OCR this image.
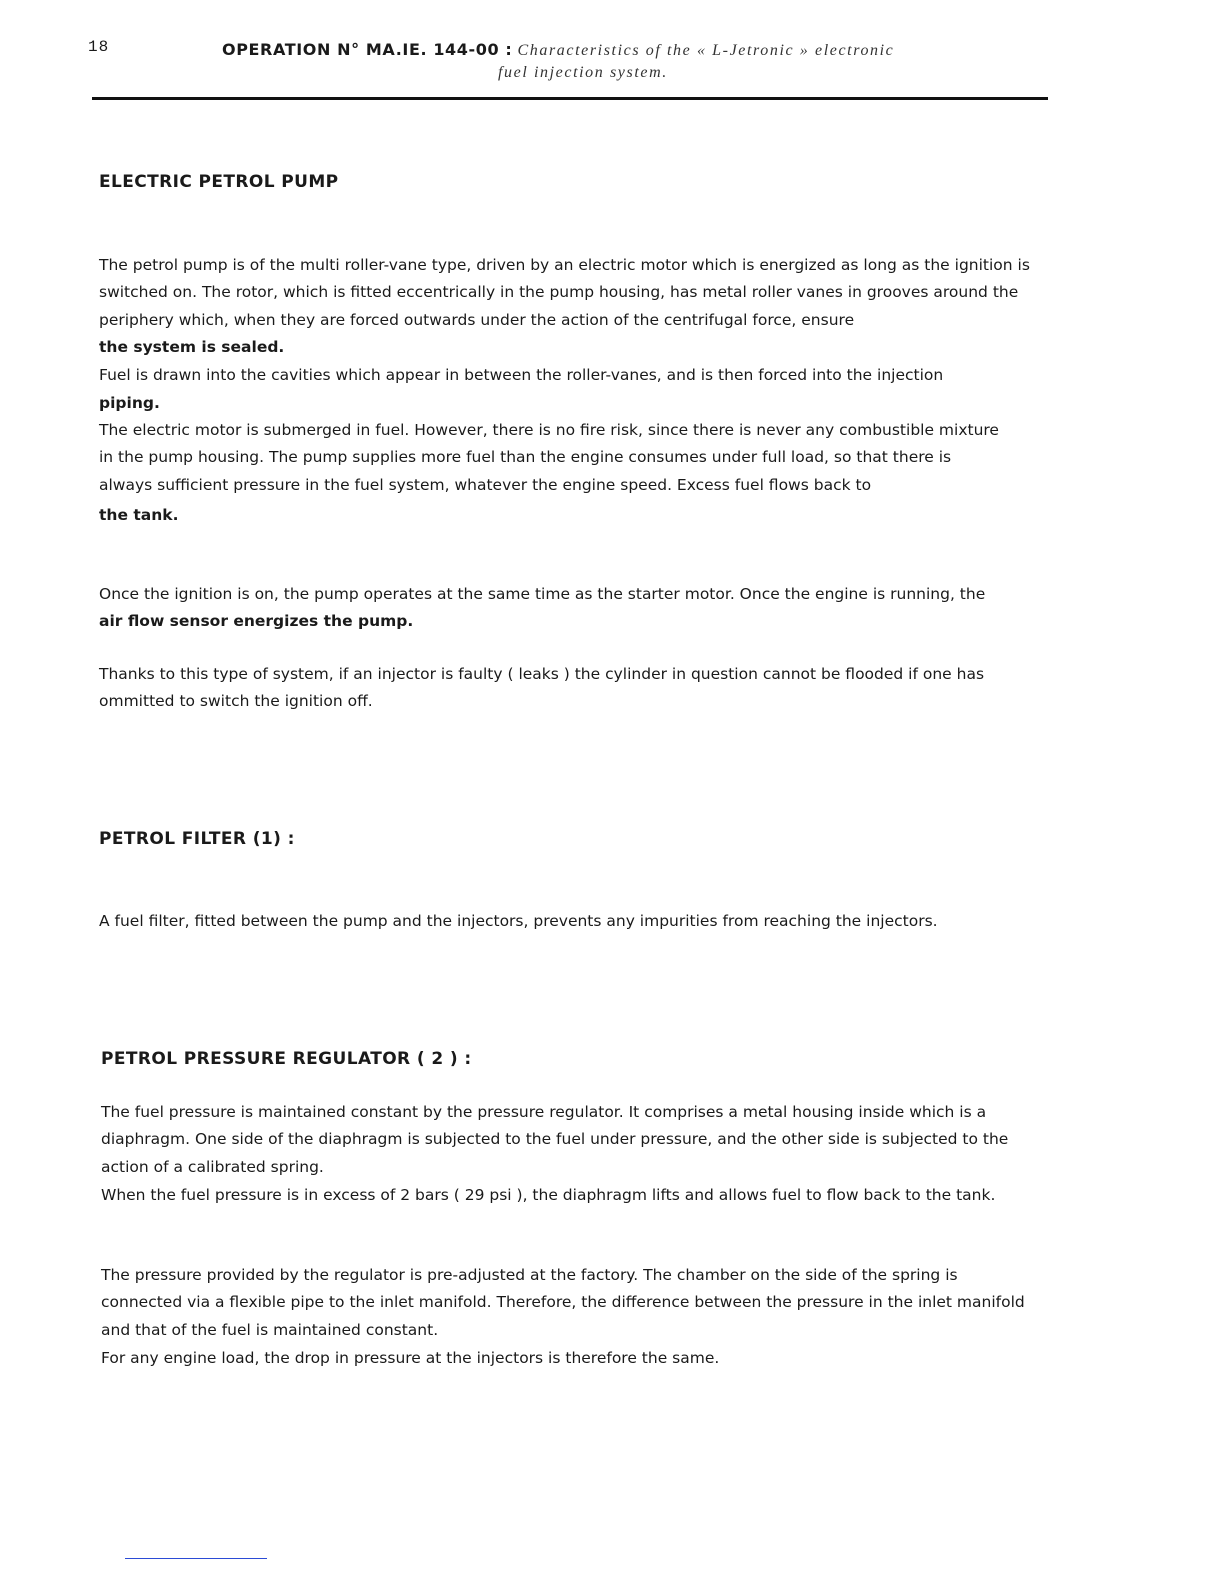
18	OPERATION N° MA.IE. 144-00 : Characteristics of the « L-Jetronic » electronic
fuel injection system.
ELECTRIC PETROL PUMP

The petrol pump is of the multi roller-vane type, driven by an electric motor which is energized as long as the ignition is switched on. The rotor, which is fitted eccentrically in the pump housing, has metal roller vanes in grooves around the periphery which, when they are forced outwards under the action of the centrifugal force, ensure

the system is sealed.

Fuel is drawn into the cavities which appear in between the roller-vanes, and is then forced into the injection

piping.

The electric motor is submerged in fuel. However, there is no fire risk, since there is never any combustible mixture in the pump housing. The pump supplies more fuel than the engine consumes under full load, so that there is always sufficient pressure in the fuel system, whatever the engine speed. Excess fuel flows back to

the tank.

Once the ignition is on, the pump operates at the same time as the starter motor. Once the engine is running, the

air flow sensor energizes the pump.

Thanks to this type of system, if an injector is faulty ( leaks ) the cylinder in question cannot be flooded if one has ommitted to switch the ignition off.

PETROL FILTER (1) :

A fuel filter, fitted between the pump and the injectors, prevents any impurities from reaching the injectors.

PETROL PRESSURE REGULATOR ( 2 ) :

The fuel pressure is maintained constant by the pressure regulator. It comprises a metal housing inside which is a diaphragm. One side of the diaphragm is subjected to the fuel under pressure, and the other side is subjected to the action of a calibrated spring.

When the fuel pressure is in excess of 2 bars ( 29 psi ), the diaphragm lifts and allows fuel to flow back to the tank.

The pressure provided by the regulator is pre-adjusted at the factory. The chamber on the side of the spring is connected via a flexible pipe to the inlet manifold. Therefore, the difference between the pressure in the inlet manifold and that of the fuel is maintained constant.

For any engine load, the drop in pressure at the injectors is therefore the same.
